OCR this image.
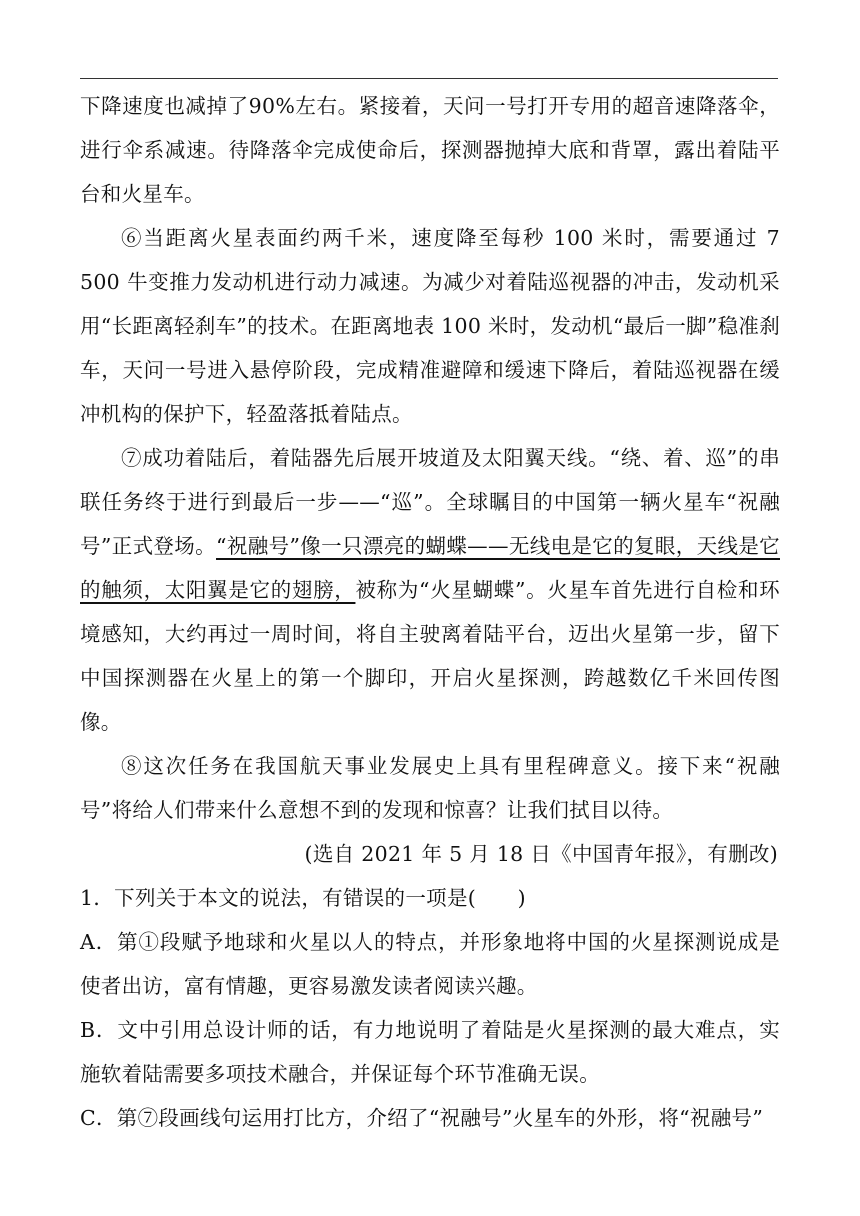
下降速度也减掉了90%左右。紧接着，天问一号打开专用的超音速降落伞，进行伞系减速。待降落伞完成使命后，探测器抛掉大底和背罩，露出着陆平台和火星车。

⑥当距离火星表面约两千米，速度降至每秒 100 米时，需要通过 7 500 牛变推力发动机进行动力减速。为减少对着陆巡视器的冲击，发动机采用“长距离轻刹车”的技术。在距离地表 100 米时，发动机“最后一脚”稳准刹车，天问一号进入悬停阶段，完成精准避障和缓速下降后，着陆巡视器在缓冲机构的保护下，轻盈落抵着陆点。

⑦成功着陆后，着陆器先后展开坡道及太阳翼天线。“绕、着、巡”的串联任务终于进行到最后一步——“巡”。全球瞩目的中国第一辆火星车“祝融号”正式登场。“祝融号”像一只漂亮的蝴蝶——无线电是它的复眼，天线是它的触须，太阳翼是它的翅膀，被称为“火星蝴蝶”。火星车首先进行自检和环境感知，大约再过一周时间，将自主驶离着陆平台，迈出火星第一步，留下中国探测器在火星上的第一个脚印，开启火星探测，跨越数亿千米回传图像。

⑧这次任务在我国航天事业发展史上具有里程碑意义。接下来“祝融号”将给人们带来什么意想不到的发现和惊喜？让我们拭目以待。

(选自 2021 年 5 月 18 日《中国青年报》，有删改)

1．下列关于本文的说法，有错误的一项是(　　)

A．第①段赋予地球和火星以人的特点，并形象地将中国的火星探测说成是使者出访，富有情趣，更容易激发读者阅读兴趣。

B．文中引用总设计师的话，有力地说明了着陆是火星探测的最大难点，实施软着陆需要多项技术融合，并保证每个环节准确无误。

C．第⑦段画线句运用打比方，介绍了“祝融号”火星车的外形，将“祝融号”
